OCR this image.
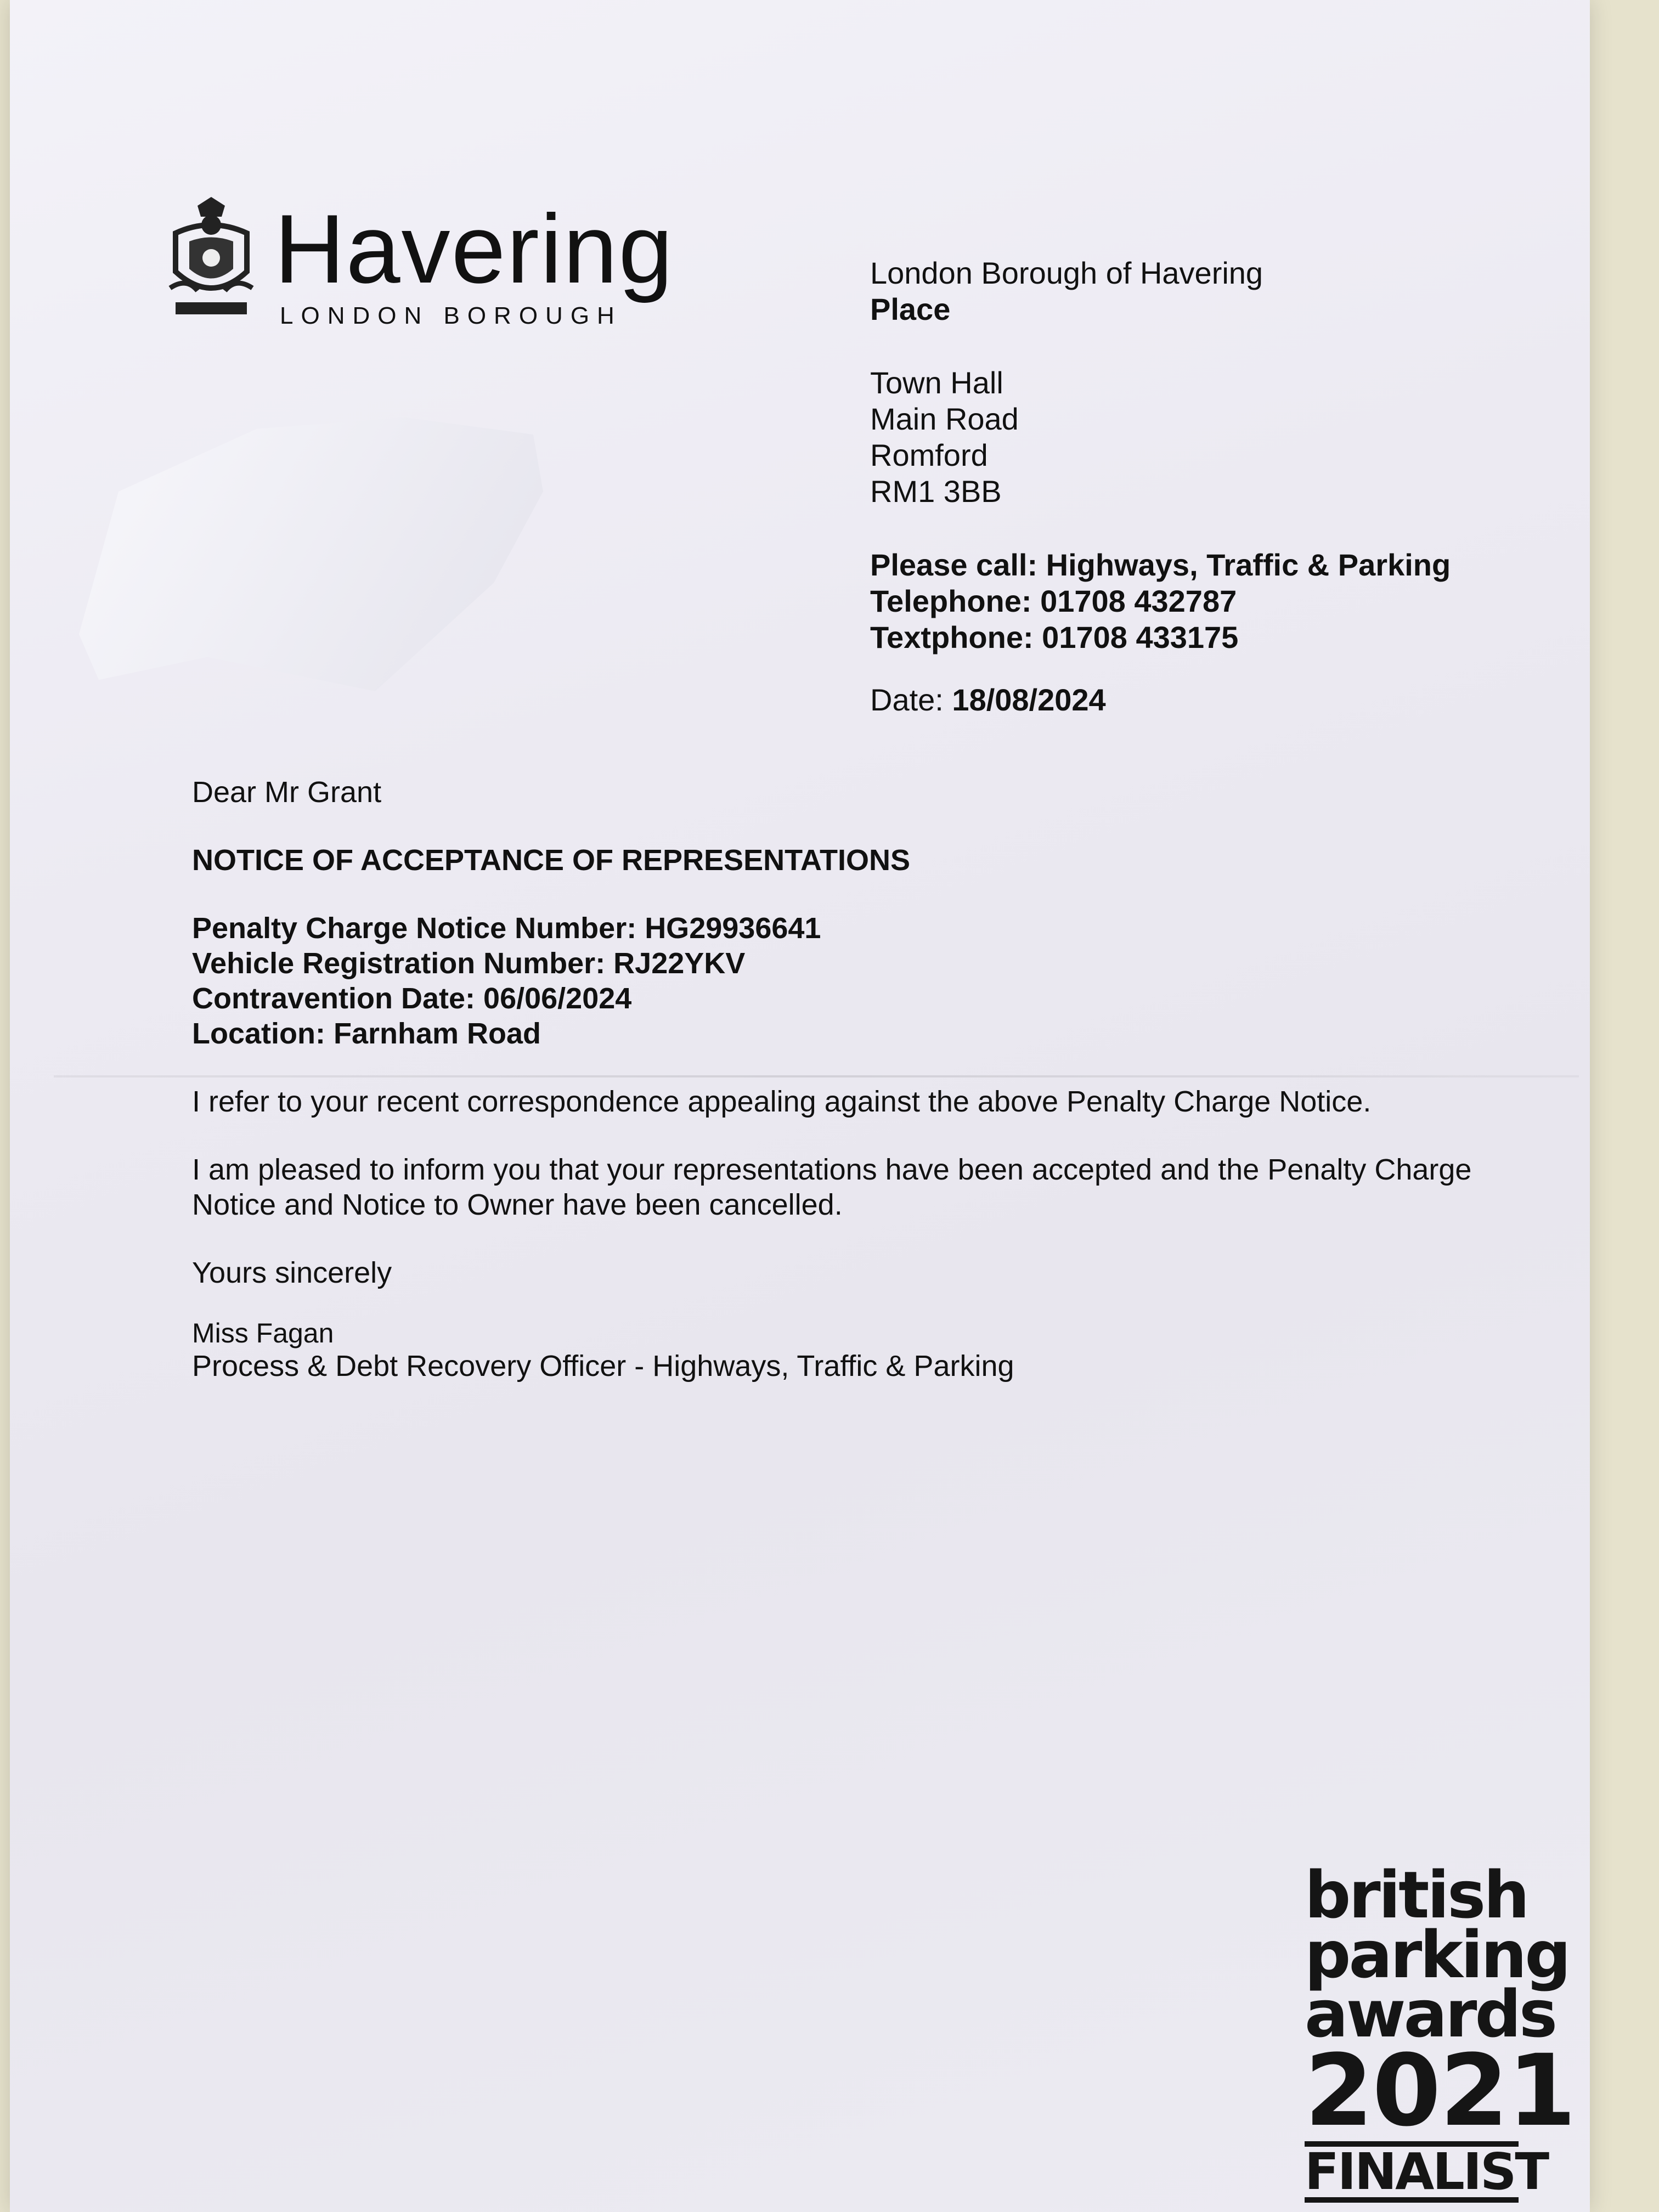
Havering
LONDON BOROUGH
London Borough of Havering
Place
Town Hall
Main Road
Romford
RM1 3BB
Please call: Highways, Traffic & Parking
Telephone: 01708 432787
Textphone: 01708 433175
Date: 18/08/2024
Dear Mr Grant
NOTICE OF ACCEPTANCE OF REPRESENTATIONS
Penalty Charge Notice Number: HG29936641
Vehicle Registration Number: RJ22YKV
Contravention Date: 06/06/2024
Location: Farnham Road
I refer to your recent correspondence appealing against the above Penalty Charge Notice.
I am pleased to inform you that your representations have been accepted and the Penalty Charge Notice and Notice to Owner have been cancelled.
Yours sincerely
Miss Fagan
Process & Debt Recovery Officer - Highways, Traffic & Parking
british
parking
awards
2021
FINALIST
